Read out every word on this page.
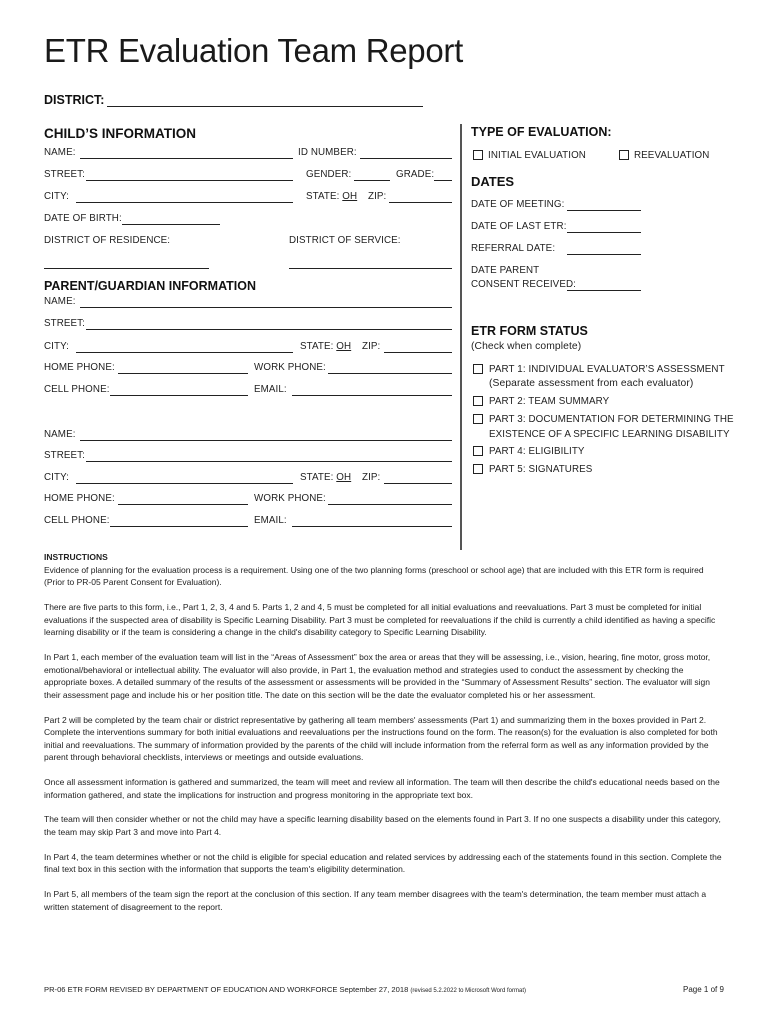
ETR Evaluation Team Report
DISTRICT:
CHILD’S INFORMATION
NAME:	ID NUMBER:
STREET:	GENDER:	GRADE:
CITY:	STATE: OH ZIP:
DATE OF BIRTH:
DISTRICT OF RESIDENCE:	DISTRICT OF SERVICE:
PARENT/GUARDIAN INFORMATION
NAME:
STREET:
CITY:	STATE: OH ZIP:
HOME PHONE:	WORK PHONE:
CELL PHONE:	EMAIL:
NAME:
STREET:
CITY:	STATE: OH ZIP:
HOME PHONE:	WORK PHONE:
CELL PHONE:	EMAIL:
TYPE OF EVALUATION:
INITIAL EVALUATION	REEVALUATION
DATES
DATE OF MEETING:
DATE OF LAST ETR:
REFERRAL DATE:
DATE PARENT
CONSENT RECEIVED:
ETR FORM STATUS
(Check when complete)
PART 1: INDIVIDUAL EVALUATOR’S ASSESSMENT
(Separate assessment from each evaluator)
PART 2: TEAM SUMMARY
PART 3: DOCUMENTATION FOR DETERMINING THE
EXISTENCE OF A SPECIFIC LEARNING DISABILITY
PART 4: ELIGIBILITY
PART 5: SIGNATURES
INSTRUCTIONS

Evidence of planning for the evaluation process is a requirement. Using one of the two planning forms (preschool or school age) that are included with this ETR form is required (Prior to PR-05 Parent Consent for Evaluation).

There are five parts to this form, i.e., Part 1, 2, 3, 4 and 5. Parts 1, 2 and 4, 5 must be completed for all initial evaluations and reevaluations. Part 3 must be completed for initial evaluations if the suspected area of disability is Specific Learning Disability. Part 3 must be completed for reevaluations if the child is currently a child identified as having a specific learning disability or if the team is considering a change in the child's disability category to Specific Learning Disability.

In Part 1, each member of the evaluation team will list in the “Areas of Assessment” box the area or areas that they will be assessing, i.e., vision, hearing, fine motor, gross motor, emotional/behavioral or intellectual ability. The evaluator will also provide, in Part 1, the evaluation method and strategies used to conduct the assessment by checking the appropriate boxes. A detailed summary of the results of the assessment or assessments will be provided in the “Summary of Assessment Results” section. The evaluator will sign their assessment page and include his or her position title. The date on this section will be the date the evaluator completed his or her assessment.

Part 2 will be completed by the team chair or district representative by gathering all team members' assessments (Part 1) and summarizing them in the boxes provided in Part 2. Complete the interventions summary for both initial evaluations and reevaluations per the instructions found on the form. The reason(s) for the evaluation is also completed for both initial and reevaluations. The summary of information provided by the parents of the child will include information from the referral form as well as any information provided by the parent through behavioral checklists, interviews or meetings and outside evaluations.

Once all assessment information is gathered and summarized, the team will meet and review all information. The team will then describe the child's educational needs based on the information gathered, and state the implications for instruction and progress monitoring in the appropriate text box.

The team will then consider whether or not the child may have a specific learning disability based on the elements found in Part 3. If no one suspects a disability under this category, the team may skip Part 3 and move into Part 4.

In Part 4, the team determines whether or not the child is eligible for special education and related services by addressing each of the statements found in this section. Complete the final text box in this section with the information that supports the team's eligibility determination.

In Part 5, all members of the team sign the report at the conclusion of this section. If any team member disagrees with the team's determination, the team member must attach a written statement of disagreement to the report.

PR-06 ETR FORM REVISED BY DEPARTMENT OF EDUCATION AND WORKFORCE September 27, 2018 (revised 5.2.2022 to Microsoft Word format)	Page 1 of 9
